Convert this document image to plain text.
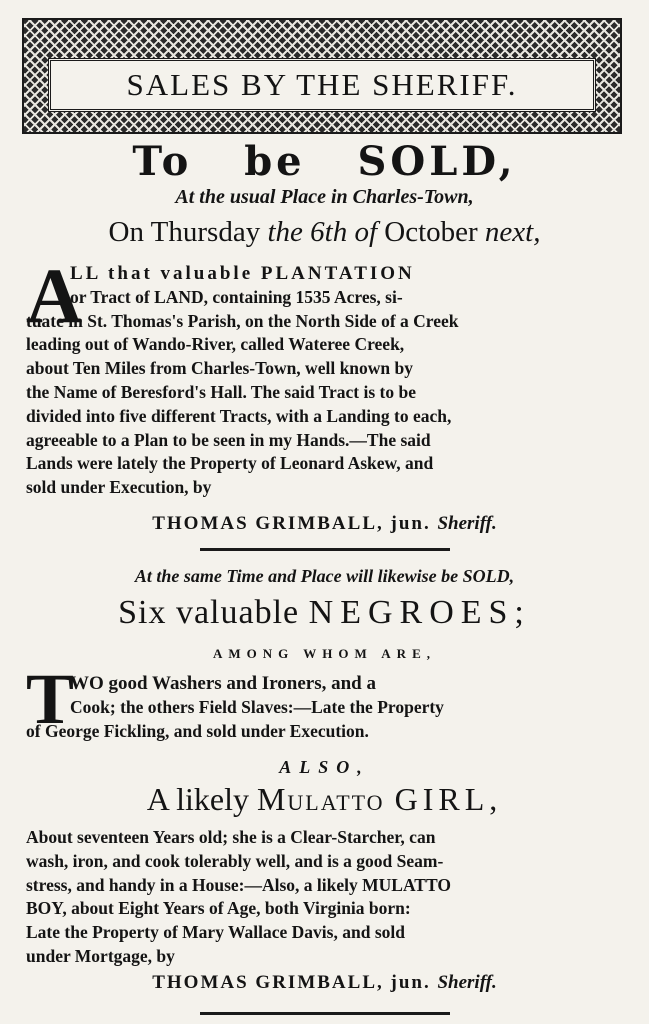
SALES BY THE SHERIFF.
To be SOLD,
At the usual Place in Charles-Town,
On Thursday the 6th of October next,
A
LL that valuable PLANTATION
or Tract of LAND, containing 1535 Acres, si-
tuate in St. Thomas's Parish, on the North Side of a Creek
leading out of Wando-River, called Wateree Creek,
about Ten Miles from Charles-Town, well known by
the Name of Beresford's Hall. The said Tract is to be
divided into five different Tracts, with a Landing to each,
agreeable to a Plan to be seen in my Hands.—The said
Lands were lately the Property of Leonard Askew, and
sold under Execution, by
THOMAS GRIMBALL, jun. Sheriff.
At the same Time and Place will likewise be SOLD,
Six valuable NEGROES;
AMONG WHOM ARE,
T
WO good Washers and Ironers, and a
Cook; the others Field Slaves:—Late the Property
of George Fickling, and sold under Execution.
ALSO,
A likely Mulatto GIRL,
About seventeen Years old; she is a Clear-Starcher, can
wash, iron, and cook tolerably well, and is a good Seam-
stress, and handy in a House:—Also, a likely MULATTO
BOY, about Eight Years of Age, both Virginia born:
Late the Property of Mary Wallace Davis, and sold
under Mortgage, by
THOMAS GRIMBALL, jun. Sheriff.
